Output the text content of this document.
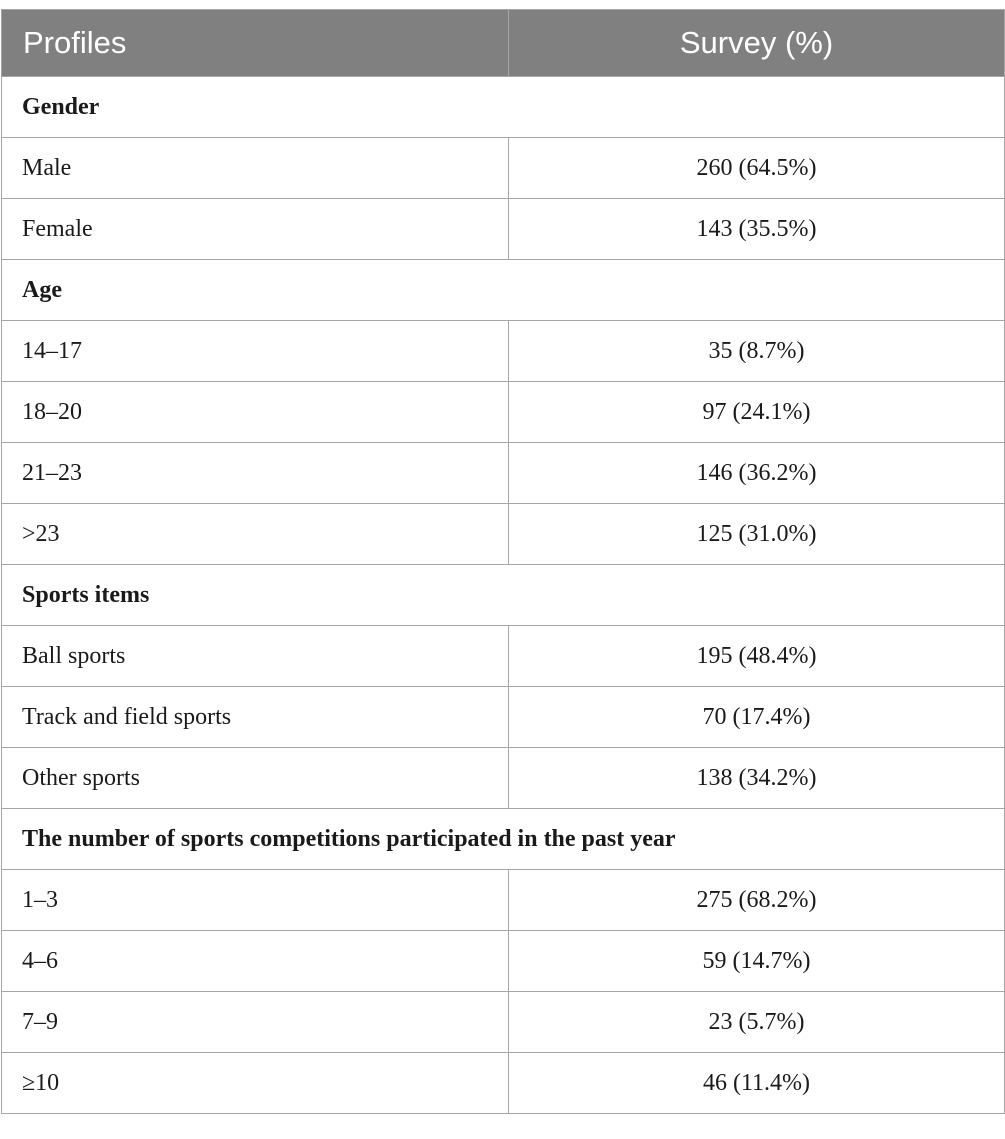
Profiles	Survey (%)
Gender	
Male	260 (64.5%)
Female	143 (35.5%)
Age	
14–17	35 (8.7%)
18–20	97 (24.1%)
21–23	146 (36.2%)
>23	125 (31.0%)
Sports items	
Ball sports	195 (48.4%)
Track and field sports	70 (17.4%)
Other sports	138 (34.2%)
The number of sports competitions participated in the past year	
1–3	275 (68.2%)
4–6	59 (14.7%)
7–9	23 (5.7%)
≥10	46 (11.4%)
